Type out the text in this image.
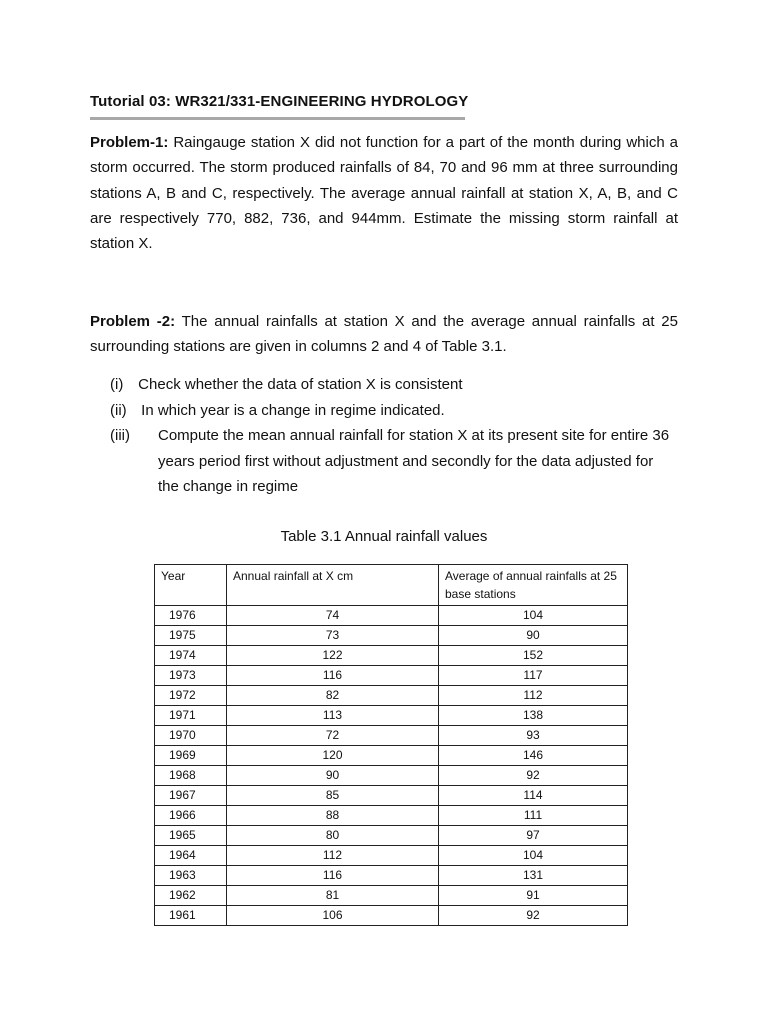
Tutorial 03: WR321/331-ENGINEERING HYDROLOGY
Problem-1: Raingauge station X did not function for a part of the month during which a storm occurred. The storm produced rainfalls of 84, 70 and 96 mm at three surrounding stations A, B and C, respectively. The average annual rainfall at station X, A, B, and C are respectively 770, 882, 736, and 944mm. Estimate the missing storm rainfall at station X.
Problem -2: The annual rainfalls at station X and the average annual rainfalls at 25 surrounding stations are given in columns 2 and 4 of Table 3.1.
(i) Check whether the data of station X is consistent
(ii) In which year is a change in regime indicated.
(iii)	Compute the mean annual rainfall for station X at its present site for entire 36 years period first without adjustment and secondly for the data adjusted for the change in regime
Table 3.1 Annual rainfall values
Year	Annual rainfall at X cm	Average of annual rainfalls at 25 base stations
1976	74	104
1975	73	90
1974	122	152
1973	116	117
1972	82	112
1971	113	138
1970	72	93
1969	120	146
1968	90	92
1967	85	114
1966	88	111
1965	80	97
1964	112	104
1963	116	131
1962	81	91
1961	106	92
